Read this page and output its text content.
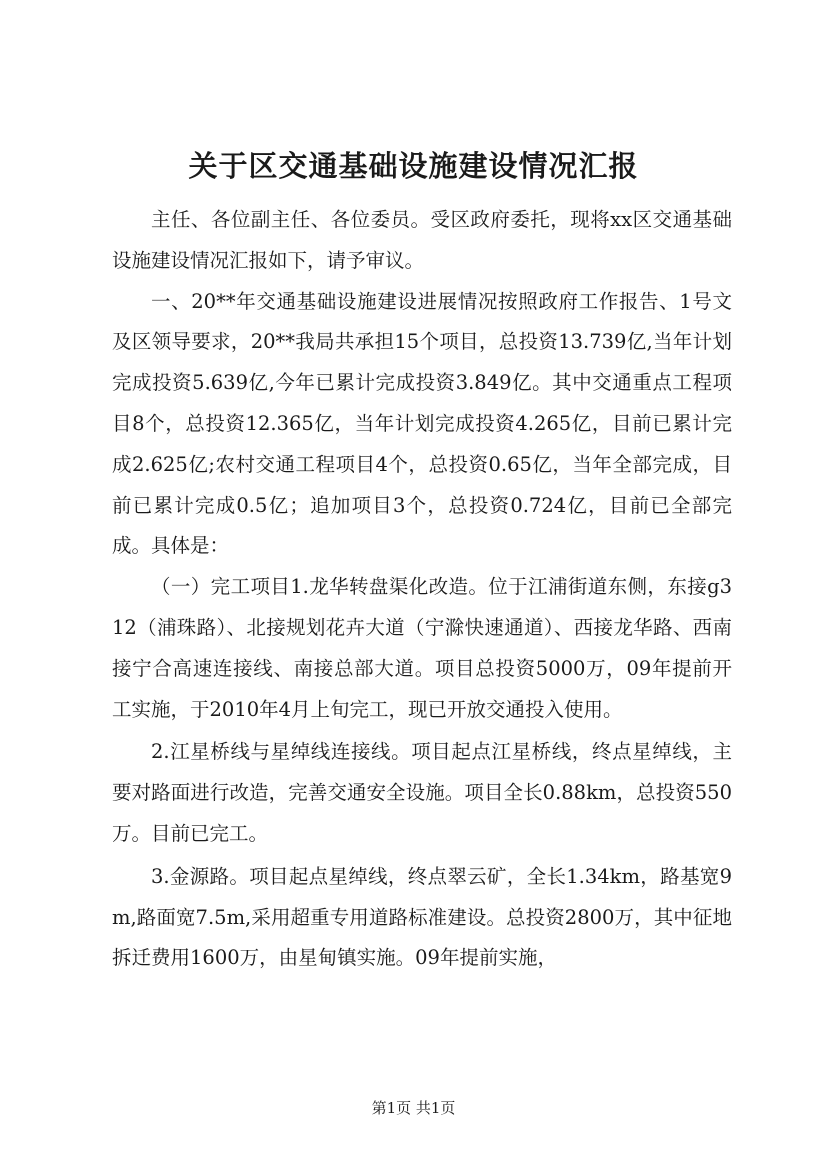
关于区交通基础设施建设情况汇报

主任、各位副主任、各位委员。受区政府委托，现将xx区交通基础设施建设情况汇报如下，请予审议。

一、20**年交通基础设施建设进展情况按照政府工作报告、1号文及区领导要求，20**我局共承担15个项目，总投资13.739亿,当年计划完成投资5.639亿,今年已累计完成投资3.849亿。其中交通重点工程项目8个，总投资12.365亿，当年计划完成投资4.265亿，目前已累计完成2.625亿;农村交通工程项目4个，总投资0.65亿，当年全部完成，目前已累计完成0.5亿；追加项目3个，总投资0.724亿，目前已全部完成。具体是：

（一）完工项目1.龙华转盘渠化改造。位于江浦街道东侧，东接g312（浦珠路）、北接规划花卉大道（宁滁快速通道）、西接龙华路、西南接宁合高速连接线、南接总部大道。项目总投资5000万，09年提前开工实施，于2010年4月上旬完工，现已开放交通投入使用。

2.江星桥线与星绰线连接线。项目起点江星桥线，终点星绰线，主要对路面进行改造，完善交通安全设施。项目全长0.88km，总投资550万。目前已完工。

3.金源路。项目起点星绰线，终点翠云矿，全长1.34km，路基宽9m,路面宽7.5m,采用超重专用道路标准建设。总投资2800万，其中征地拆迁费用1600万，由星甸镇实施。09年提前实施，

第1页 共1页
